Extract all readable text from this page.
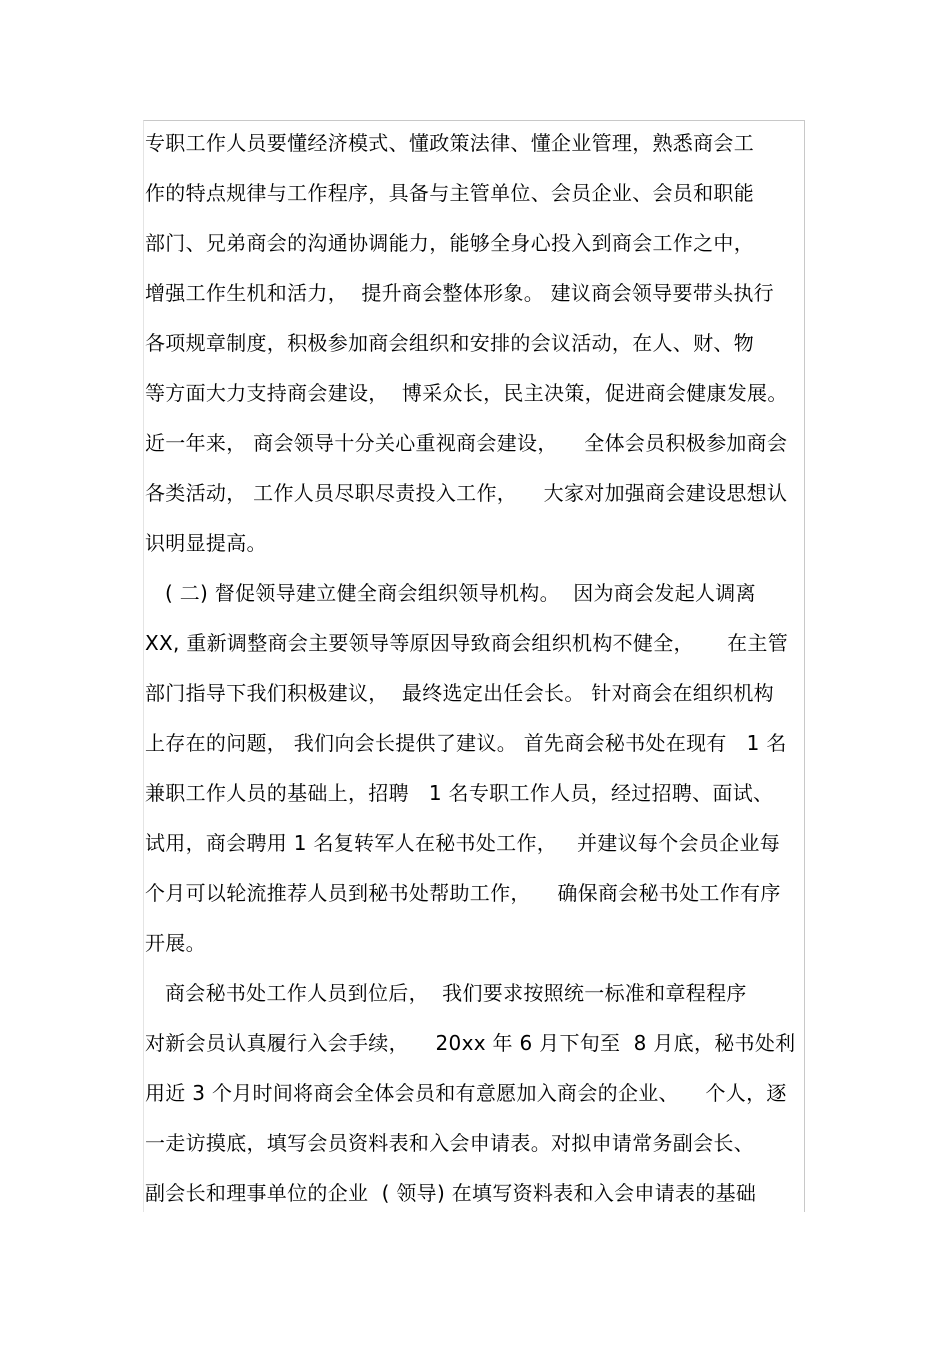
专职工作人员要懂经济模式、懂政策法律、懂企业管理，熟悉商会工
作的特点规律与工作程序，具备与主管单位、会员企业、会员和职能
部门、兄弟商会的沟通协调能力，能够全身心投入到商会工作之中，
增强工作生机和活力，  提升商会整体形象。 建议商会领导要带头执行
各项规章制度，积极参加商会组织和安排的会议活动，在人、财、物
等方面大力支持商会建设，  博采众长，民主决策，促进商会健康发展。
近一年来， 商会领导十分关心重视商会建设，    全体会员积极参加商会
各类活动， 工作人员尽职尽责投入工作，    大家对加强商会建设思想认
识明显提高。
( 二) 督促领导建立健全商会组织领导机构。  因为商会发起人调离
XX, 重新调整商会主要领导等原因导致商会组织机构不健全，     在主管
部门指导下我们积极建议，  最终选定出任会长。 针对商会在组织机构
上存在的问题， 我们向会长提供了建议。 首先商会秘书处在现有   1 名
兼职工作人员的基础上，招聘   1 名专职工作人员，经过招聘、面试、
试用，商会聘用 1 名复转军人在秘书处工作，   并建议每个会员企业每
个月可以轮流推荐人员到秘书处帮助工作，    确保商会秘书处工作有序
开展。
商会秘书处工作人员到位后，  我们要求按照统一标准和章程程序
对新会员认真履行入会手续，    20xx 年 6 月下旬至  8 月底，秘书处利
用近 3 个月时间将商会全体会员和有意愿加入商会的企业、    个人，逐
一走访摸底，填写会员资料表和入会申请表。对拟申请常务副会长、
副会长和理事单位的企业  ( 领导) 在填写资料表和入会申请表的基础
